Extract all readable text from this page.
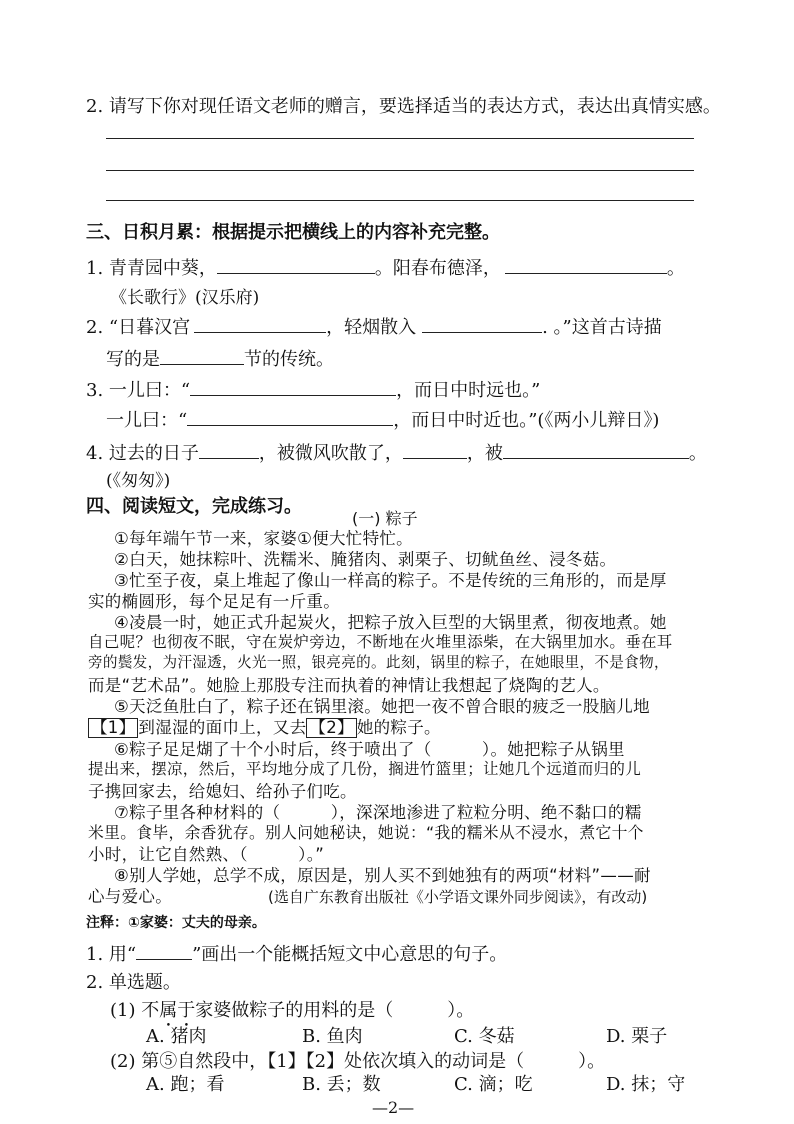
2. 请写下你对现任语文老师的赠言，要选择适当的表达方式，表达出真情实感。
三、日积月累：根据提示把横线上的内容补充完整。
1. 青青园中葵，	。阳春布德泽，	。
《长歌行》(汉乐府)
2. “日暮汉宫	，轻烟散入	. 。”这首古诗描
写的是	节的传统。
3. 一儿曰：“	，而日中时远也。”
一儿曰：“	，而日中时近也。”(《两小儿辩日》)
4. 过去的日子	，被微风吹散了，	，被	。
(《匆匆》)
四、阅读短文，完成练习。
(一) 粽子
①每年端午节一来，家婆①便大忙特忙。
②白天，她抹粽叶、洗糯米、腌猪肉、剥栗子、切鱿鱼丝、浸冬菇。
③忙至子夜，桌上堆起了像山一样高的粽子。不是传统的三角形的，而是厚
实的椭圆形，每个足足有一斤重。
④凌晨一时，她正式升起炭火，把粽子放入巨型的大锅里煮，彻夜地煮。她
自己呢？也彻夜不眠，守在炭炉旁边，不断地在火堆里添柴，在大锅里加水。垂在耳
旁的鬓发，为汗湿透，火光一照，银亮亮的。此刻，锅里的粽子，在她眼里，不是食物，
而是“艺术品”。她脸上那股专注而执着的神情让我想起了烧陶的艺人。
⑤天泛鱼肚白了，粽子还在锅里滚。她把一夜不曾合眼的疲乏一股脑儿地
【1】 到湿湿的面巾上，又去 【2】 她的粽子。
⑥粽子足足煳了十个小时后，终于喷出了（　　　）。她把粽子从锅里
提出来，摆凉，然后，平均地分成了几份，搁进竹篮里；让她几个远道而归的儿
子携回家去，给媳妇、给孙子们吃。
⑦粽子里各种材料的（　　　），深深地渗进了粒粒分明、绝不黏口的糯
米里。食毕，余香犹存。别人问她秘诀，她说：“我的糯米从不浸水，煮它十个
小时，让它自然熟、（　　　）。”
⑧别人学她，总学不成，原因是，别人买不到她独有的两项“材料”——耐
心与爱心。	(选自广东教育出版社《小学语文课外同步阅读》，有改动)
注释：①家婆：丈夫的母亲。
1. 用“	”画出一个能概括短文中心意思的句子。
2. 单选题。
(1) 不属于家婆做粽子的用料的是（　　　）。
A. 猪肉	B. 鱼肉	C. 冬菇	D. 栗子
(2) 第⑤自然段中，【1】【2】处依次填入的动词是（　　　）。
A. 跑；看	B. 丢；数	C. 滴；吃	D. 抹；守
—2—
